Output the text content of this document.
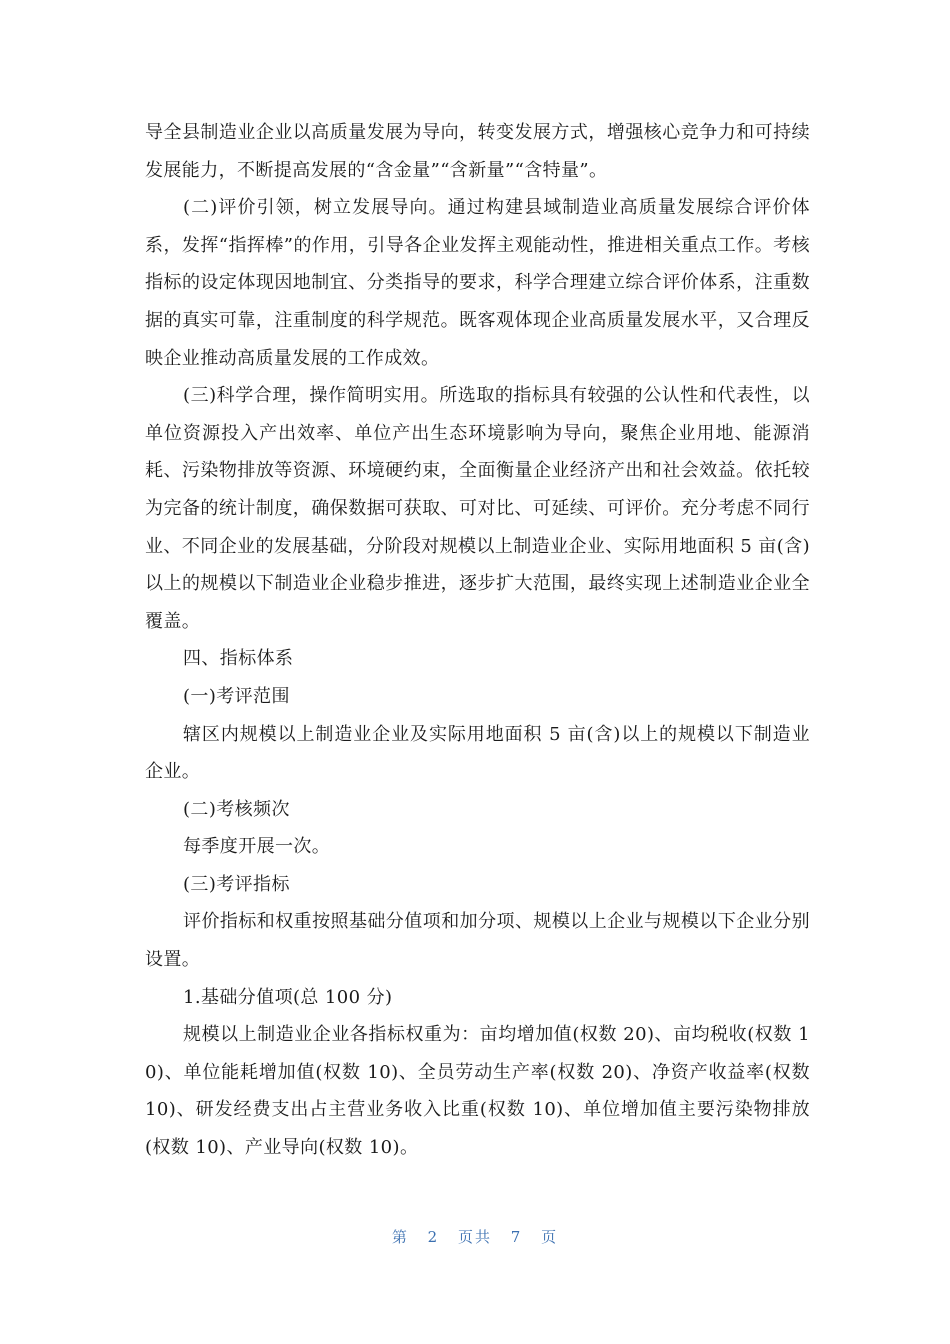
导全县制造业企业以高质量发展为导向，转变发展方式，增强核心竞争力和可持续发展能力，不断提高发展的“含金量”“含新量”“含特量”。

(二)评价引领，树立发展导向。通过构建县域制造业高质量发展综合评价体系，发挥“指挥棒”的作用，引导各企业发挥主观能动性，推进相关重点工作。考核指标的设定体现因地制宜、分类指导的要求，科学合理建立综合评价体系，注重数据的真实可靠，注重制度的科学规范。既客观体现企业高质量发展水平，又合理反映企业推动高质量发展的工作成效。

(三)科学合理，操作简明实用。所选取的指标具有较强的公认性和代表性，以单位资源投入产出效率、单位产出生态环境影响为导向，聚焦企业用地、能源消耗、污染物排放等资源、环境硬约束，全面衡量企业经济产出和社会效益。依托较为完备的统计制度，确保数据可获取、可对比、可延续、可评价。充分考虑不同行业、不同企业的发展基础，分阶段对规模以上制造业企业、实际用地面积 5 亩(含)以上的规模以下制造业企业稳步推进，逐步扩大范围，最终实现上述制造业企业全覆盖。

四、指标体系

(一)考评范围

辖区内规模以上制造业企业及实际用地面积 5 亩(含)以上的规模以下制造业企业。

(二)考核频次

每季度开展一次。

(三)考评指标

评价指标和权重按照基础分值项和加分项、规模以上企业与规模以下企业分别设置。

1.基础分值项(总 100 分)

规模以上制造业企业各指标权重为：亩均增加值(权数 20)、亩均税收(权数 10)、单位能耗增加值(权数 10)、全员劳动生产率(权数 20)、净资产收益率(权数 10)、研发经费支出占主营业务收入比重(权数 10)、单位增加值主要污染物排放(权数 10)、产业导向(权数 10)。

第 2 页共 7 页
